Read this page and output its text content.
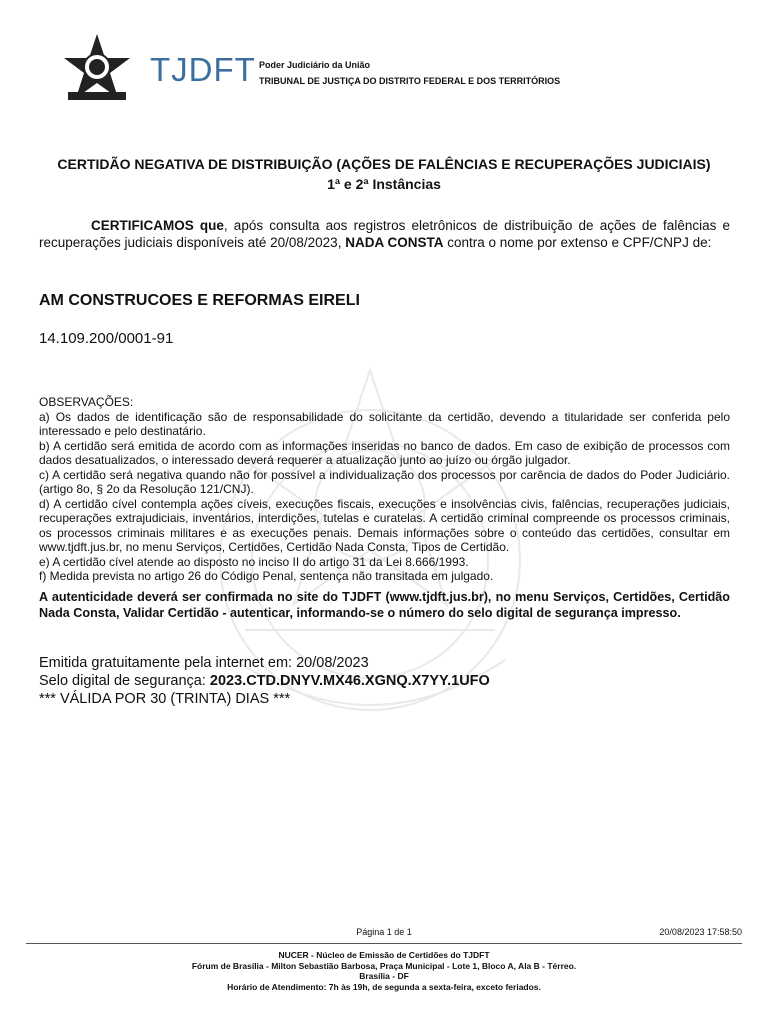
TJDFT Poder Judiciário da União
TRIBUNAL DE JUSTIÇA DO DISTRITO FEDERAL E DOS TERRITÓRIOS
CERTIDÃO NEGATIVA DE DISTRIBUIÇÃO (AÇÕES DE FALÊNCIAS E RECUPERAÇÕES JUDICIAIS)
1ª e 2ª Instâncias
CERTIFICAMOS que, após consulta aos registros eletrônicos de distribuição de ações de falências e recuperações judiciais disponíveis até 20/08/2023, NADA CONSTA contra o nome por extenso e CPF/CNPJ de:
AM CONSTRUCOES E REFORMAS EIRELI
14.109.200/0001-91

OBSERVAÇÕES:

a) Os dados de identificação são de responsabilidade do solicitante da certidão, devendo a titularidade ser conferida pelo interessado e pelo destinatário.

b) A certidão será emitida de acordo com as informações inseridas no banco de dados. Em caso de exibição de processos com dados desatualizados, o interessado deverá requerer a atualização junto ao juízo ou órgão julgador.

c) A certidão será negativa quando não for possível a individualização dos processos por carência de dados do Poder Judiciário. (artigo 8o, § 2o da Resolução 121/CNJ).

d) A certidão cível contempla ações cíveis, execuções fiscais, execuções e insolvências civis, falências, recuperações judiciais, recuperações extrajudiciais, inventários, interdições, tutelas e curatelas. A certidão criminal compreende os processos criminais, os processos criminais militares e as execuções penais. Demais informações sobre o conteúdo das certidões, consultar em www.tjdft.jus.br, no menu Serviços, Certidões, Certidão Nada Consta, Tipos de Certidão.

e) A certidão cível atende ao disposto no inciso II do artigo 31 da Lei 8.666/1993.

f) Medida prevista no artigo 26 do Código Penal, sentença não transitada em julgado.

A autenticidade deverá ser confirmada no site do TJDFT (www.tjdft.jus.br), no menu Serviços, Certidões, Certidão Nada Consta, Validar Certidão - autenticar, informando-se o número do selo digital de segurança impresso.

Emitida gratuitamente pela internet em: 20/08/2023

Selo digital de segurança: 2023.CTD.DNYV.MX46.XGNQ.X7YY.1UFO

*** VÁLIDA POR 30 (TRINTA) DIAS ***

Página 1 de 1	20/08/2023 17:58:50
NUCER - Núcleo de Emissão de Certidões do TJDFT
Fórum de Brasília - Milton Sebastião Barbosa, Praça Municipal - Lote 1, Bloco A, Ala B - Térreo.
Brasília - DF
Horário de Atendimento: 7h às 19h, de segunda a sexta-feira, exceto feriados.
